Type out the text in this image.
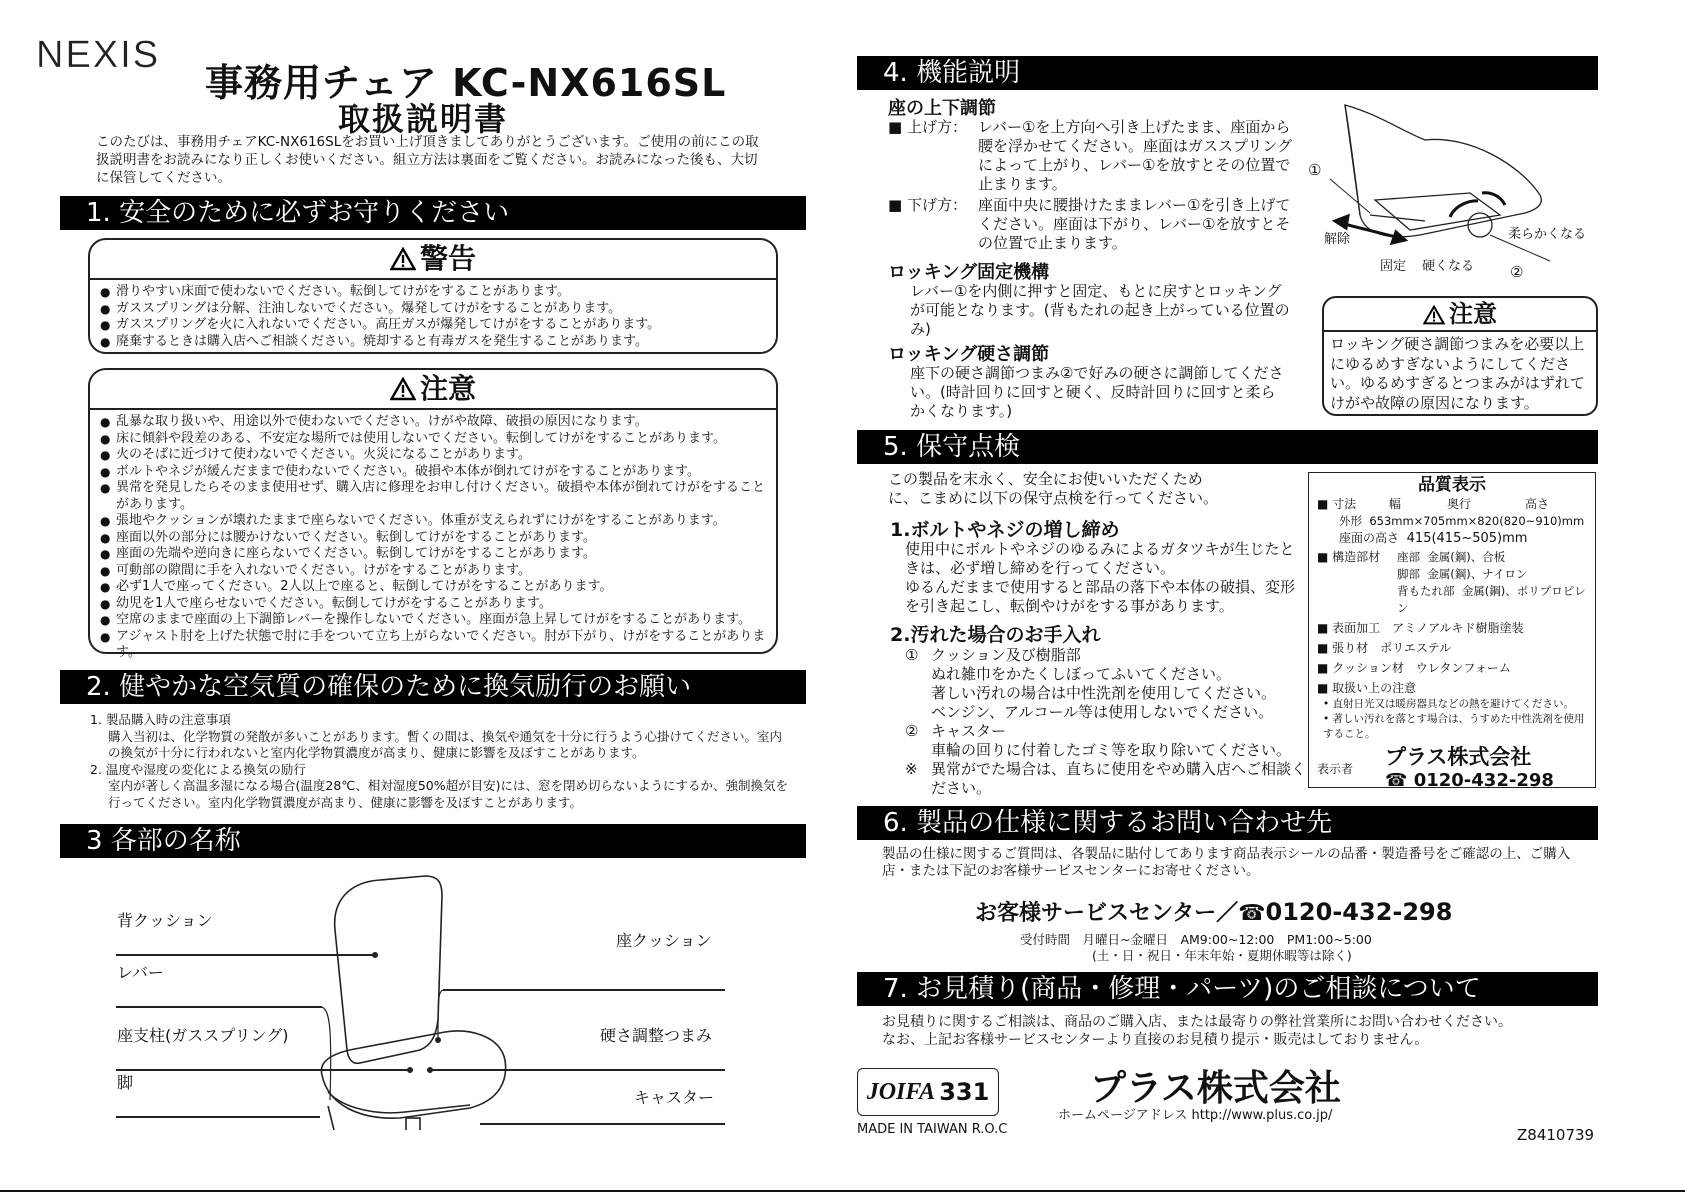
NEXIS
事務用チェア KC-NX616SL
取扱説明書
このたびは、事務用チェアKC-NX616SLをお買い上げ頂きましてありがとうございます。ご使用の前にこの取扱説明書をお読みになり正しくお使いください。組立方法は裏面をご覧ください。お読みになった後も、大切に保管してください。
1. 安全のために必ずお守りください
警告
● 滑りやすい床面で使わないでください。転倒してけがをすることがあります。
● ガススプリングは分解、注油しないでください。爆発してけがをすることがあります。
● ガススプリングを火に入れないでください。高圧ガスが爆発してけがをすることがあります。
● 廃棄するときは購入店へご相談ください。焼却すると有毒ガスを発生することがあります。
注意
● 乱暴な取り扱いや、用途以外で使わないでください。けがや故障、破損の原因になります。
● 床に傾斜や段差のある、不安定な場所では使用しないでください。転倒してけがをすることがあります。
● 火のそばに近づけて使わないでください。火災になることがあります。
● ボルトやネジが緩んだままで使わないでください。破損や本体が倒れてけがをすることがあります。
● 異常を発見したらそのまま使用せず、購入店に修理をお申し付けください。破損や本体が倒れてけがをすることがあります。
● 張地やクッションが壊れたままで座らないでください。体重が支えられずにけがをすることがあります。
● 座面以外の部分には腰かけないでください。転倒してけがをすることがあります。
● 座面の先端や逆向きに座らないでください。転倒してけがをすることがあります。
● 可動部の隙間に手を入れないでください。けがをすることがあります。
● 必ず1人で座ってください。2人以上で座ると、転倒してけがをすることがあります。
● 幼児を1人で座らせないでください。転倒してけがをすることがあります。
● 空席のままで座面の上下調節レバーを操作しないでください。座面が急上昇してけがをすることがあります。
● アジャスト肘を上げた状態で肘に手をついて立ち上がらないでください。肘が下がり、けがをすることがあります。
2. 健やかな空気質の確保のために換気励行のお願い
1. 製品購入時の注意事項
購入当初は、化学物質の発散が多いことがあります。暫くの間は、換気や通気を十分に行うよう心掛けてください。室内の換気が十分に行われないと室内化学物質濃度が高まり、健康に影響を及ぼすことがあります。
2. 温度や湿度の変化による換気の励行
室内が著しく高温多湿になる場合(温度28℃、相対湿度50%超が目安)には、窓を閉め切らないようにするか、強制換気を行ってください。室内化学物質濃度が高まり、健康に影響を及ぼすことがあります。
3 各部の名称
背クッション
レバー
座支柱(ガススプリング)
脚
座クッション
硬さ調整つまみ
キャスター
4. 機能説明
座の上下調節
■ 上げ方： レバー①を上方向へ引き上げたまま、座面から腰を浮かせてください。座面はガススプリングによって上がり、レバー①を放すとその位置で止まります。
■ 下げ方： 座面中央に腰掛けたままレバー①を引き上げてください。座面は下がり、レバー①を放すとその位置で止まります。
ロッキング固定機構
レバー①を内側に押すと固定、もとに戻すとロッキングが可能となります。(背もたれの起き上がっている位置のみ)
ロッキング硬さ調節
座下の硬さ調節つまみ②で好みの硬さに調節してください。(時計回りに回すと硬く、反時計回りに回すと柔らかくなります。)
①
解除
固定 硬くなる
柔らかくなる
②
注意
ロッキング硬さ調節つまみを必要以上にゆるめすぎないようにしてください。ゆるめすぎるとつまみがはずれてけがや故障の原因になります。
5. 保守点検
この製品を末永く、安全にお使いいただくために、こまめに以下の保守点検を行ってください。
1.ボルトやネジの増し締め
使用中にボルトやネジのゆるみによるガタツキが生じたときは、必ず増し締めを行ってください。
ゆるんだままで使用すると部品の落下や本体の破損、変形を引き起こし、転倒やけがをする事があります。
2.汚れた場合のお手入れ
① クッション及び樹脂部
ぬれ雑巾をかたくしぼってふいてください。
著しい汚れの場合は中性洗剤を使用してください。
ベンジン、アルコール等は使用しないでください。
② キャスター
車輪の回りに付着したゴミ等を取り除いてください。
※ 異常がでた場合は、直ちに使用をやめ購入店へご相談ください。
品質表示
■ 寸法	幅	奥行	高さ
外形 653mm×705mm×820(820~910)mm
座面の高さ 415(415~505)mm
■ 構造部材	座部 金属(鋼)、合板
脚部 金属(鋼)、ナイロン
背もたれ部 金属(鋼)、ポリプロピレン
■ 表面加工　アミノアルキド樹脂塗装
■ 張り材　ポリエステル
■ クッション材　ウレタンフォーム
■ 取扱い上の注意
• 直射日光又は暖房器具などの熱を避けてください。
• 著しい汚れを落とす場合は、うすめた中性洗剤を使用すること。
表示者	プラス株式会社
☎ 0120-432-298
6. 製品の仕様に関するお問い合わせ先
製品の仕様に関するご質問は、各製品に貼付してあります商品表示シールの品番・製造番号をご確認の上、ご購入店・または下記のお客様サービスセンターにお寄せください。
お客様サービスセンター／☎0120-432-298
受付時間　月曜日~金曜日　AM9:00~12:00　PM1:00~5:00
(土・日・祝日・年末年始・夏期休暇等は除く)
7. お見積り(商品・修理・パーツ)のご相談について
お見積りに関するご相談は、商品のご購入店、または最寄りの弊社営業所にお問い合わせください。
なお、上記お客様サービスセンターより直接のお見積り提示・販売はしておりません。
JOIFA 331	プラス株式会社
ホームページアドレス http://www.plus.co.jp/
MADE IN TAIWAN R.O.C	Z8410739
